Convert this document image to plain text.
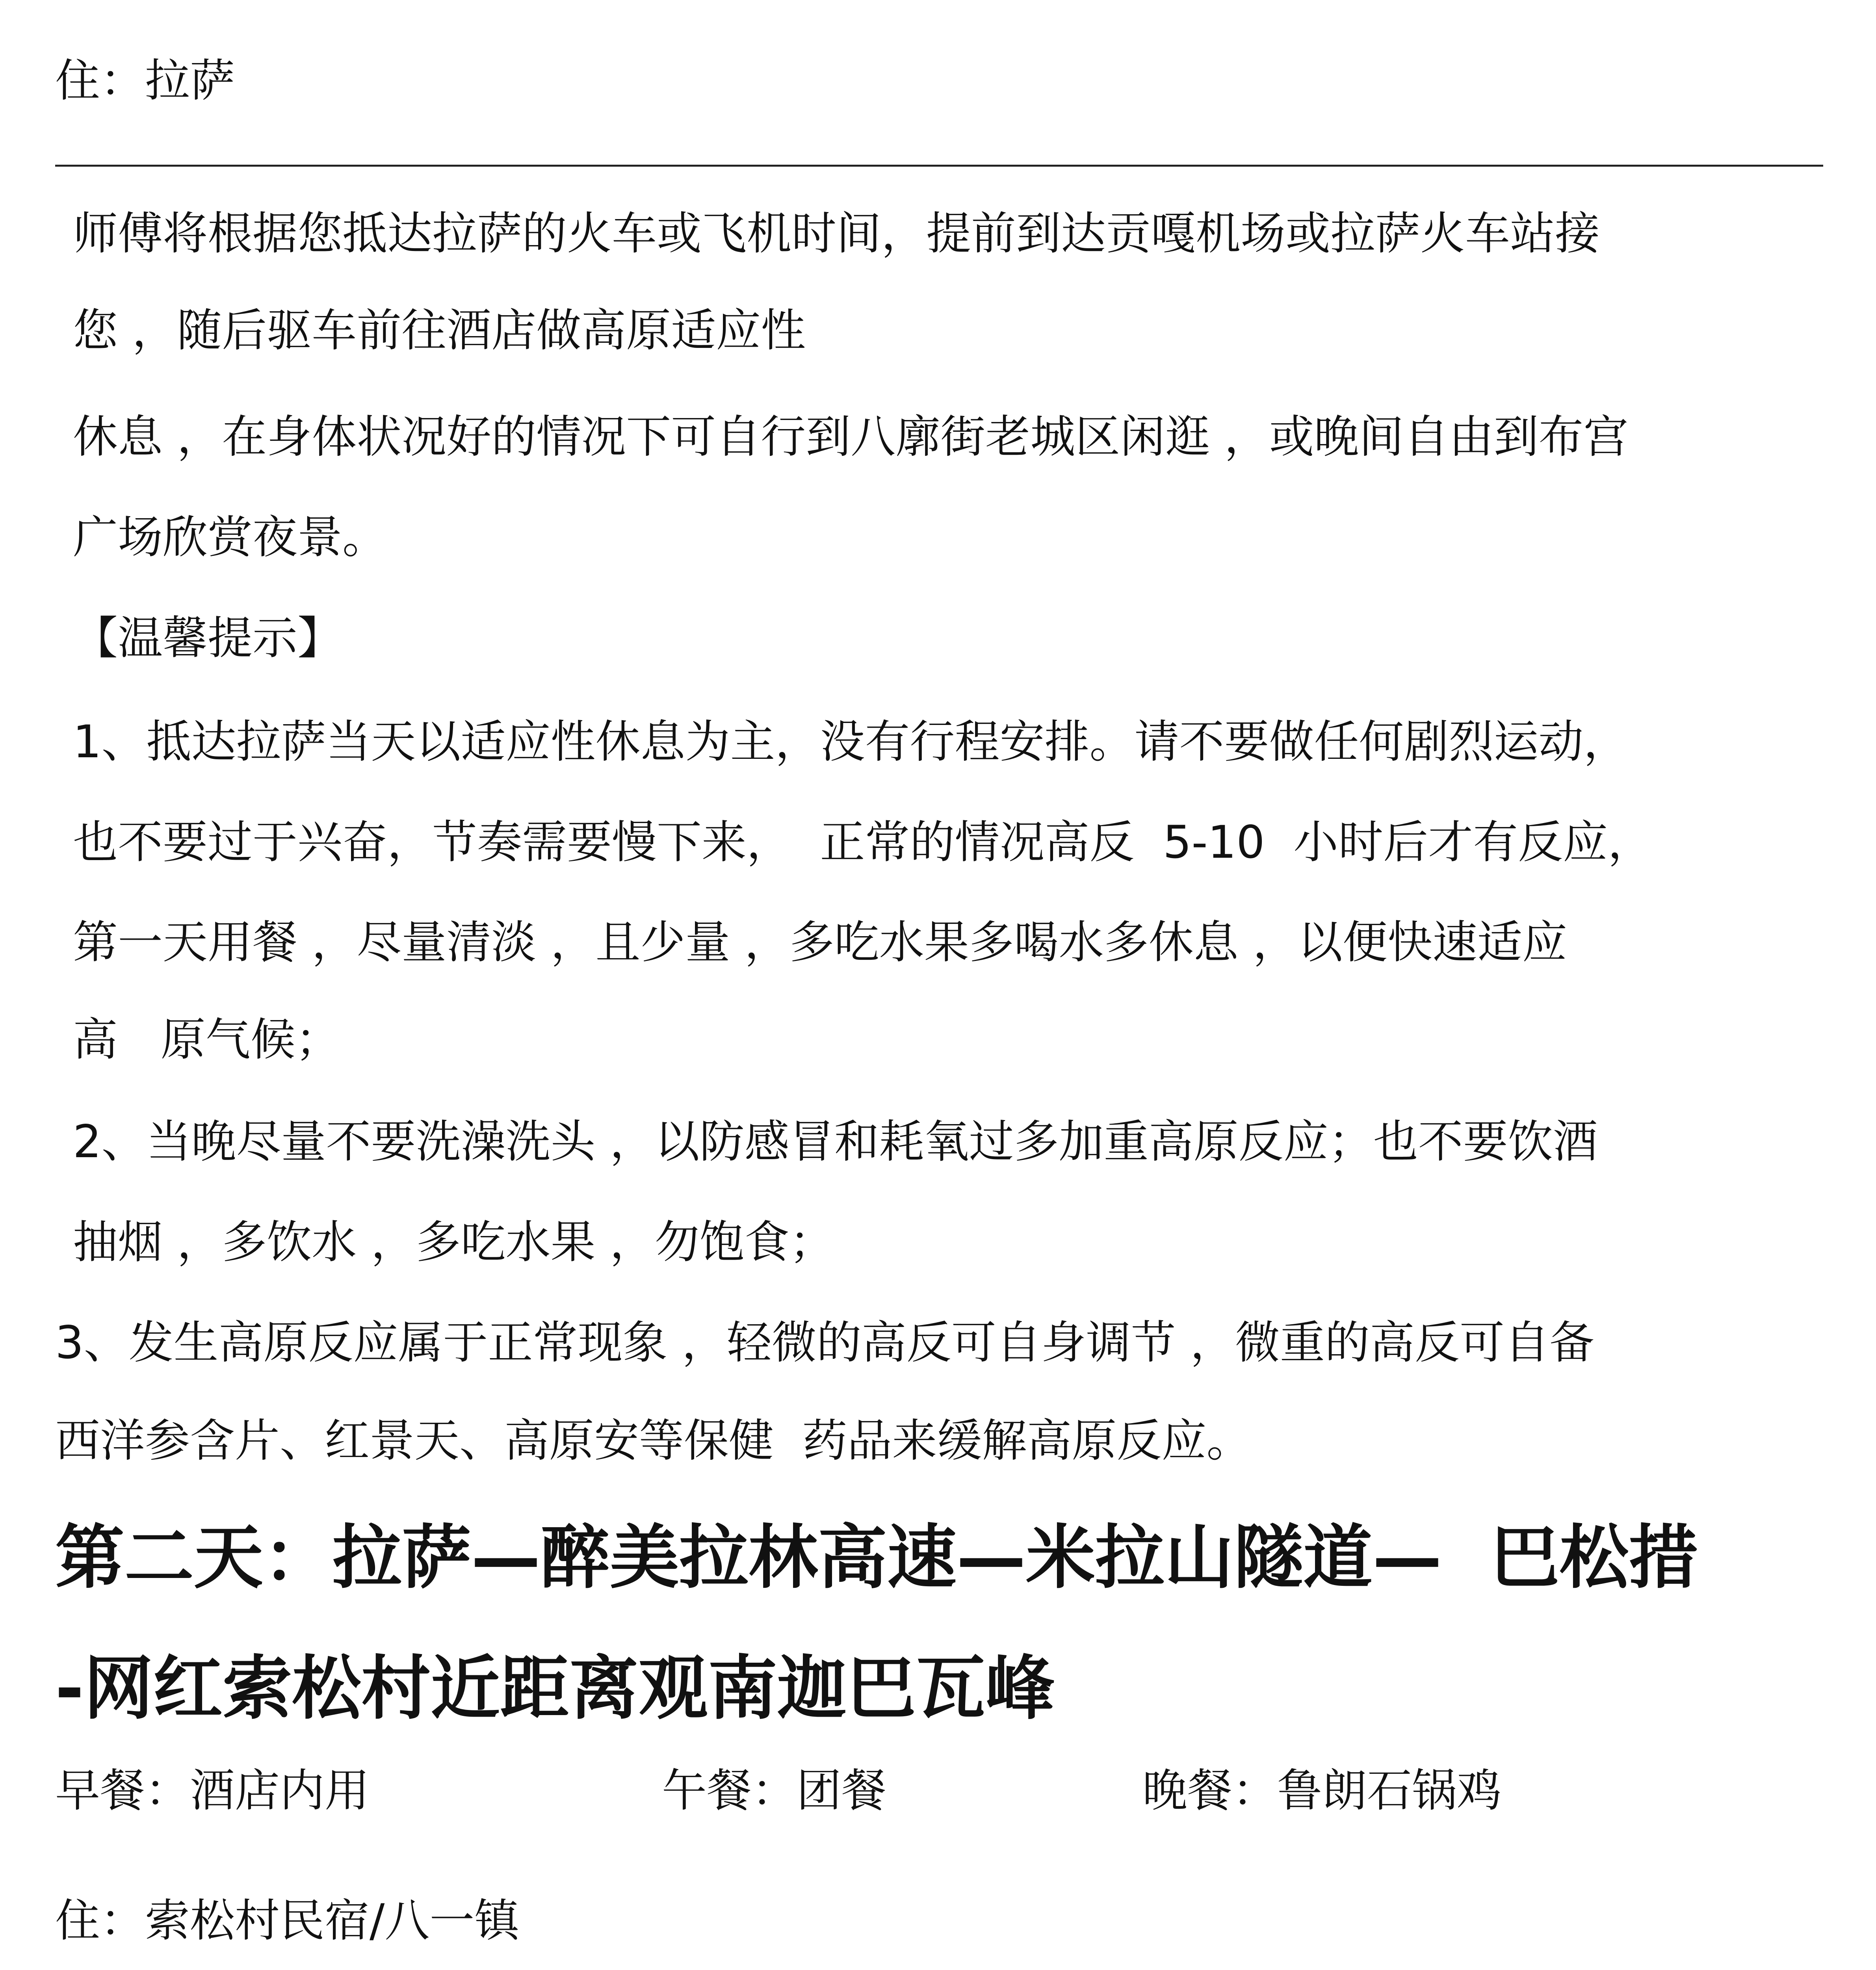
住：拉萨
师傅将根据您抵达拉萨的火车或飞机时间，提前到达贡嘎机场或拉萨火车站接
您 ，随后驱车前往酒店做高原适应性
休息 ，在身体状况好的情况下可自行到八廓街老城区闲逛 ，或晚间自由到布宫
广场欣赏夜景。
【温馨提示】
1、抵达拉萨当天以适应性休息为主，没有行程安排。请不要做任何剧烈运动，
也不要过于兴奋，节奏需要慢下来，  正常的情况高反  5-10  小时后才有反应，
第一天用餐 ，尽量清淡 ，且少量 ，多吃水果多喝水多休息 ，以便快速适应
高   原气候；
2、当晚尽量不要洗澡洗头 ，以防感冒和耗氧过多加重高原反应；也不要饮酒
抽烟 ，多饮水 ，多吃水果 ，勿饱食；
3、发生高原反应属于正常现象 ，轻微的高反可自身调节 ，微重的高反可自备
西洋参含片、红景天、高原安等保健  药品来缓解高原反应。
第二天：拉萨—醉美拉林高速—米拉山隧道—  巴松措
-网红索松村近距离观南迦巴瓦峰
早餐：酒店内用	午餐：团餐	晚餐：鲁朗石锅鸡
住：索松村民宿/八一镇
